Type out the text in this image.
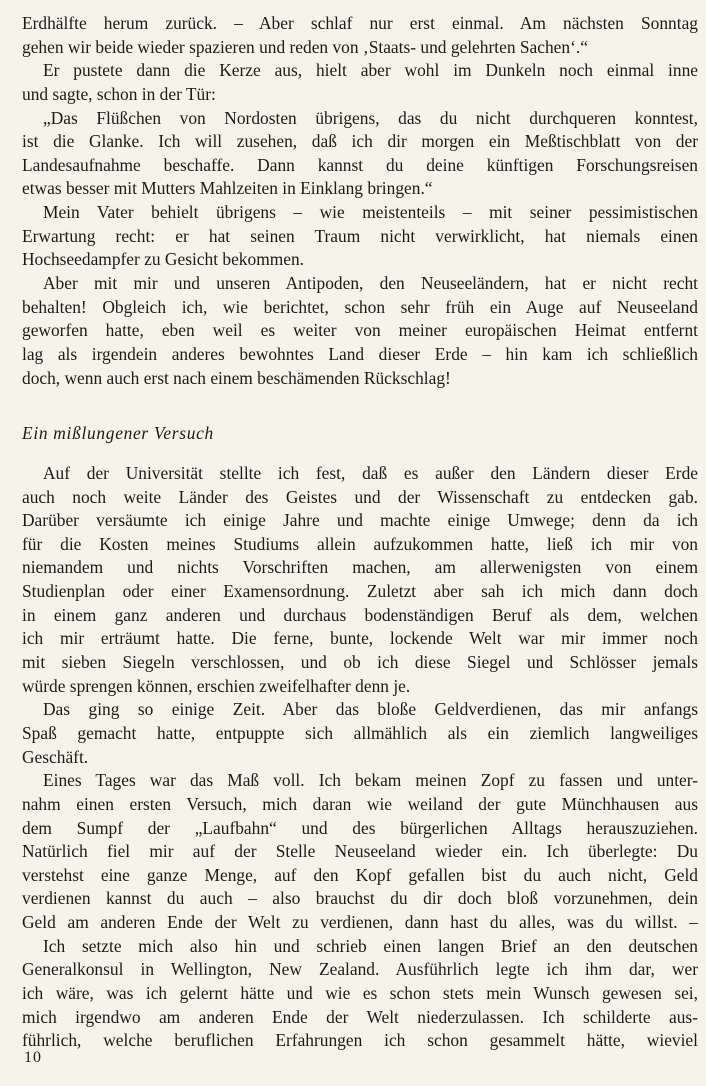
Erdhälfte herum zurück. – Aber schlaf nur erst einmal. Am nächsten Sonntag
gehen wir beide wieder spazieren und reden von ‚Staats- und gelehrten Sachen‘.“
Er pustete dann die Kerze aus, hielt aber wohl im Dunkeln noch einmal inne
und sagte, schon in der Tür:
„Das Flüßchen von Nordosten übrigens, das du nicht durchqueren konntest,
ist die Glanke. Ich will zusehen, daß ich dir morgen ein Meßtischblatt von der
Landesaufnahme beschaffe. Dann kannst du deine künftigen Forschungsreisen
etwas besser mit Mutters Mahlzeiten in Einklang bringen.“
Mein Vater behielt übrigens – wie meistenteils – mit seiner pessimistischen
Erwartung recht: er hat seinen Traum nicht verwirklicht, hat niemals einen
Hochseedampfer zu Gesicht bekommen.
Aber mit mir und unseren Antipoden, den Neuseeländern, hat er nicht recht
behalten! Obgleich ich, wie berichtet, schon sehr früh ein Auge auf Neuseeland
geworfen hatte, eben weil es weiter von meiner europäischen Heimat entfernt
lag als irgendein anderes bewohntes Land dieser Erde – hin kam ich schließlich
doch, wenn auch erst nach einem beschämenden Rückschlag!
Ein mißlungener Versuch
Auf der Universität stellte ich fest, daß es außer den Ländern dieser Erde
auch noch weite Länder des Geistes und der Wissenschaft zu entdecken gab.
Darüber versäumte ich einige Jahre und machte einige Umwege; denn da ich
für die Kosten meines Studiums allein aufzukommen hatte, ließ ich mir von
niemandem und nichts Vorschriften machen, am allerwenigsten von einem
Studienplan oder einer Examensordnung. Zuletzt aber sah ich mich dann doch
in einem ganz anderen und durchaus bodenständigen Beruf als dem, welchen
ich mir erträumt hatte. Die ferne, bunte, lockende Welt war mir immer noch
mit sieben Siegeln verschlossen, und ob ich diese Siegel und Schlösser jemals
würde sprengen können, erschien zweifelhafter denn je.
Das ging so einige Zeit. Aber das bloße Geldverdienen, das mir anfangs
Spaß gemacht hatte, entpuppte sich allmählich als ein ziemlich langweiliges
Geschäft.
Eines Tages war das Maß voll. Ich bekam meinen Zopf zu fassen und unter-
nahm einen ersten Versuch, mich daran wie weiland der gute Münchhausen aus
dem Sumpf der „Laufbahn“ und des bürgerlichen Alltags herauszuziehen.
Natürlich fiel mir auf der Stelle Neuseeland wieder ein. Ich überlegte: Du
verstehst eine ganze Menge, auf den Kopf gefallen bist du auch nicht, Geld
verdienen kannst du auch – also brauchst du dir doch bloß vorzunehmen, dein
Geld am anderen Ende der Welt zu verdienen, dann hast du alles, was du willst. –
Ich setzte mich also hin und schrieb einen langen Brief an den deutschen
Generalkonsul in Wellington, New Zealand. Ausführlich legte ich ihm dar, wer
ich wäre, was ich gelernt hätte und wie es schon stets mein Wunsch gewesen sei,
mich irgendwo am anderen Ende der Welt niederzulassen. Ich schilderte aus-
führlich, welche beruflichen Erfahrungen ich schon gesammelt hätte, wieviel
10
